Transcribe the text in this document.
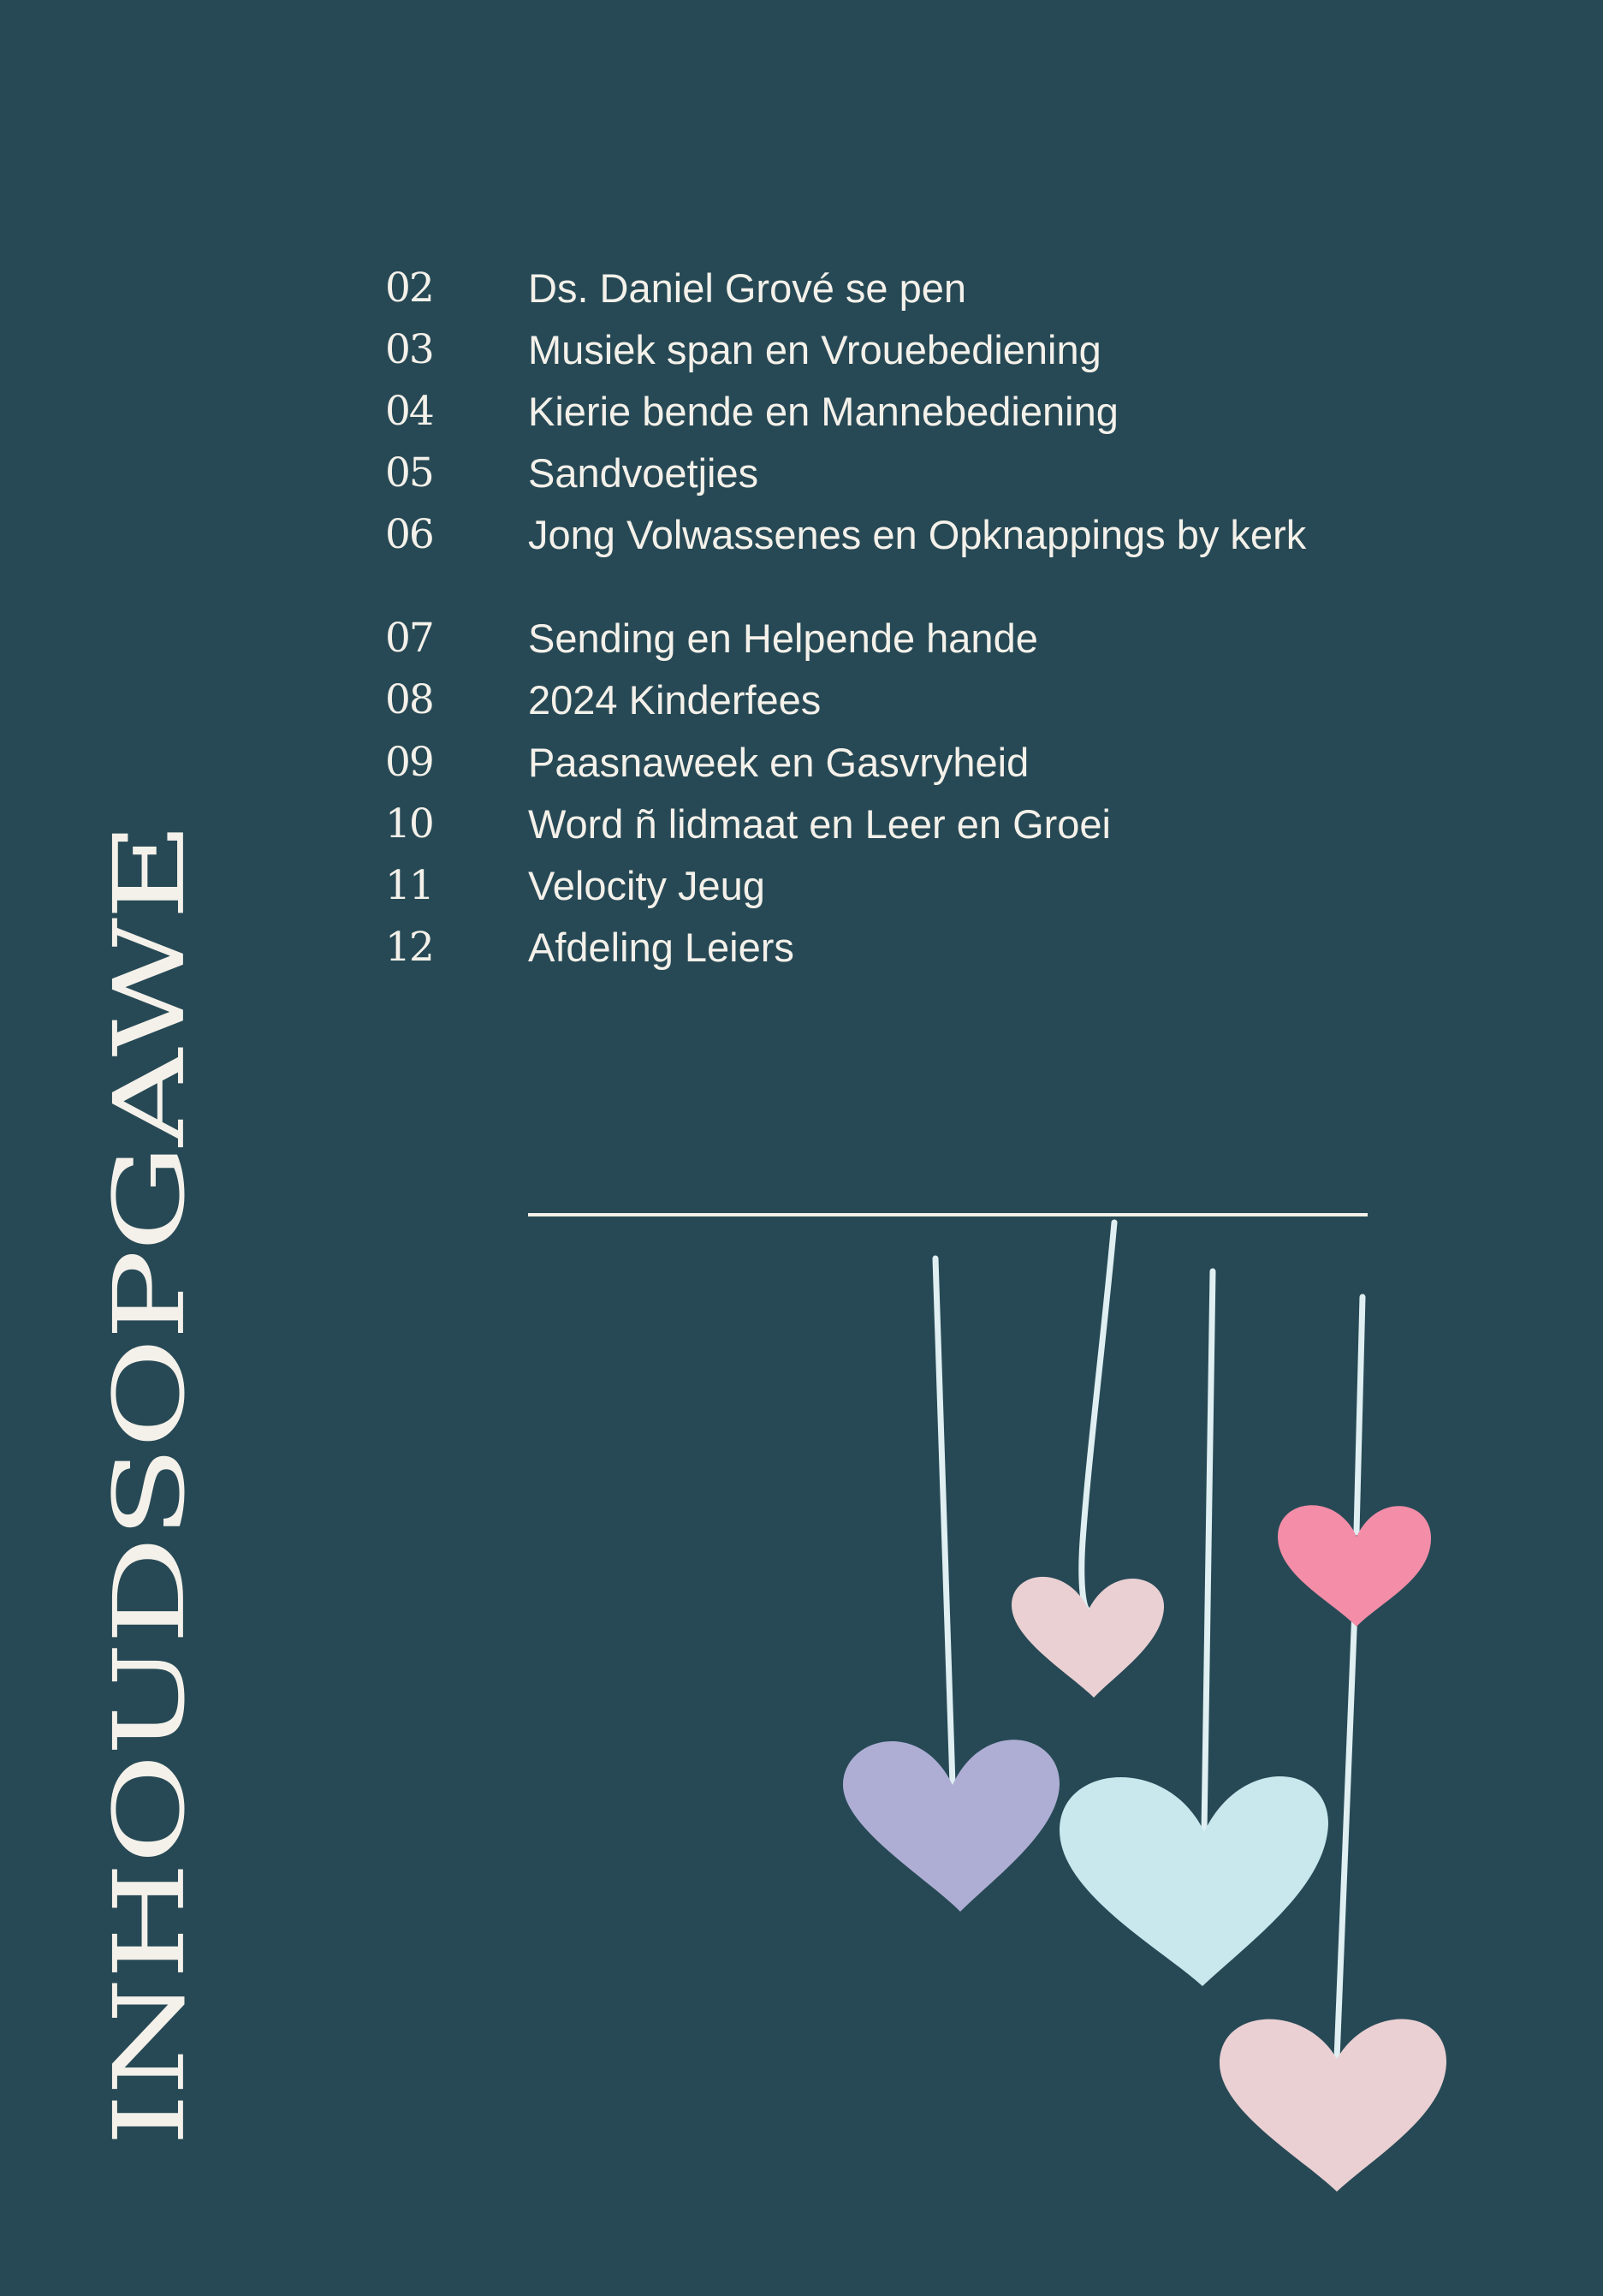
INHOUDSOPGAWE
02 Ds. Daniel Grové se pen
03 Musiek span en Vrouebediening
04 Kierie bende en Mannebediening
05 Sandvoetjies
06 Jong Volwassenes en Opknappings by kerk
07 Sending en Helpende hande
08 2024 Kinderfees
09 Paasnaweek en Gasvryheid
10 Word ñ lidmaat en Leer en Groei
11 Velocity Jeug
12 Afdeling Leiers
